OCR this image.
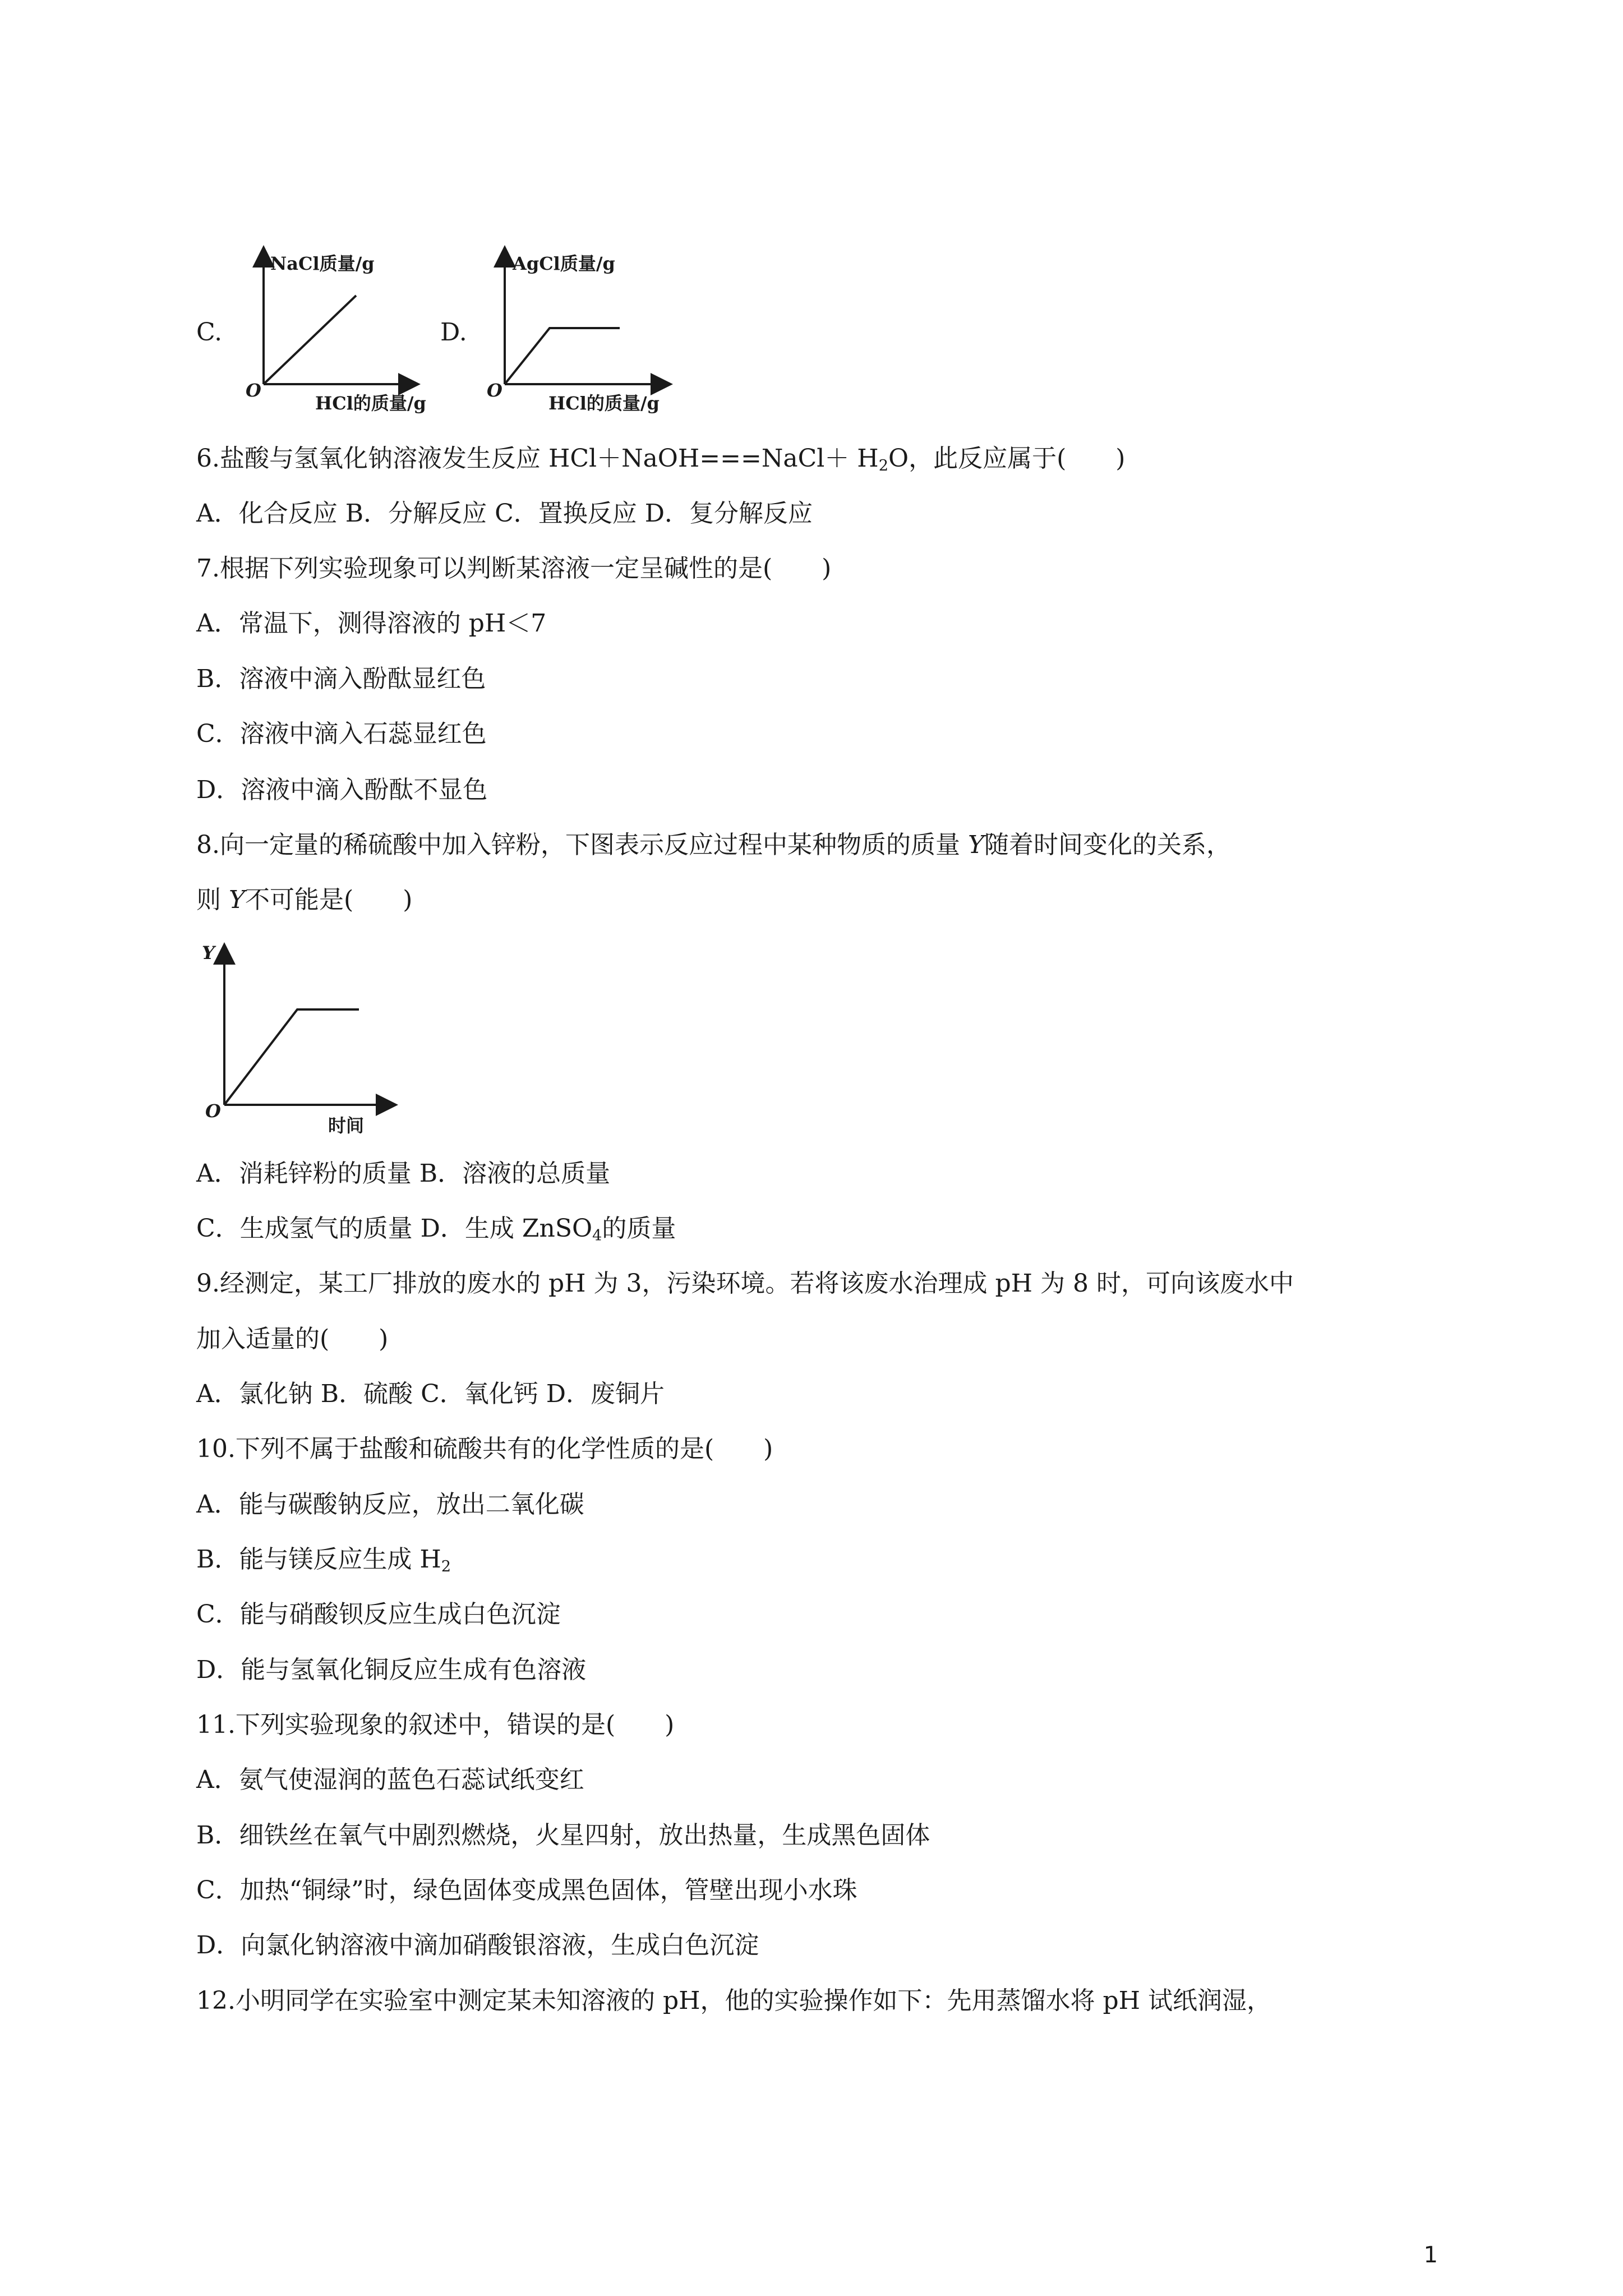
C.
NaCl质量/g
HCl的质量/g
O
D.
AgCl质量/g
HCl的质量/g
O
6.盐酸与氢氧化钠溶液发生反应 HCl＋NaOH===NaCl＋ $H_2O$，此反应属于(　　)
A．化合反应 B．分解反应 C．置换反应 D．复分解反应
7.根据下列实验现象可以判断某溶液一定呈碱性的是(　　)
A．常温下，测得溶液的 pH＜7
B．溶液中滴入酚酞显红色
C．溶液中滴入石蕊显红色
D．溶液中滴入酚酞不显色
8.向一定量的稀硫酸中加入锌粉，下图表示反应过程中某种物质的质量 Y随着时间变化的关系，
则 Y不可能是(　　)
Y
时间
O
A．消耗锌粉的质量 B．溶液的总质量
C．生成氢气的质量 D．生成 ZnSO$_4$的质量
9.经测定，某工厂排放的废水的 pH 为 3，污染环境。若将该废水治理成 pH 为 8 时，可向该废水中
加入适量的(　　)
A．氯化钠 B．硫酸 C．氧化钙 D．废铜片
10.下列不属于盐酸和硫酸共有的化学性质的是(　　)
A．能与碳酸钠反应，放出二氧化碳
B．能与镁反应生成 $H_2$
C．能与硝酸钡反应生成白色沉淀
D．能与氢氧化铜反应生成有色溶液
11.下列实验现象的叙述中，错误的是(　　)
A．氨气使湿润的蓝色石蕊试纸变红
B．细铁丝在氧气中剧烈燃烧，火星四射，放出热量，生成黑色固体
C．加热“铜绿”时，绿色固体变成黑色固体，管壁出现小水珠
D．向氯化钠溶液中滴加硝酸银溶液，生成白色沉淀
12.小明同学在实验室中测定某未知溶液的 pH，他的实验操作如下：先用蒸馏水将 pH 试纸润湿，
1
